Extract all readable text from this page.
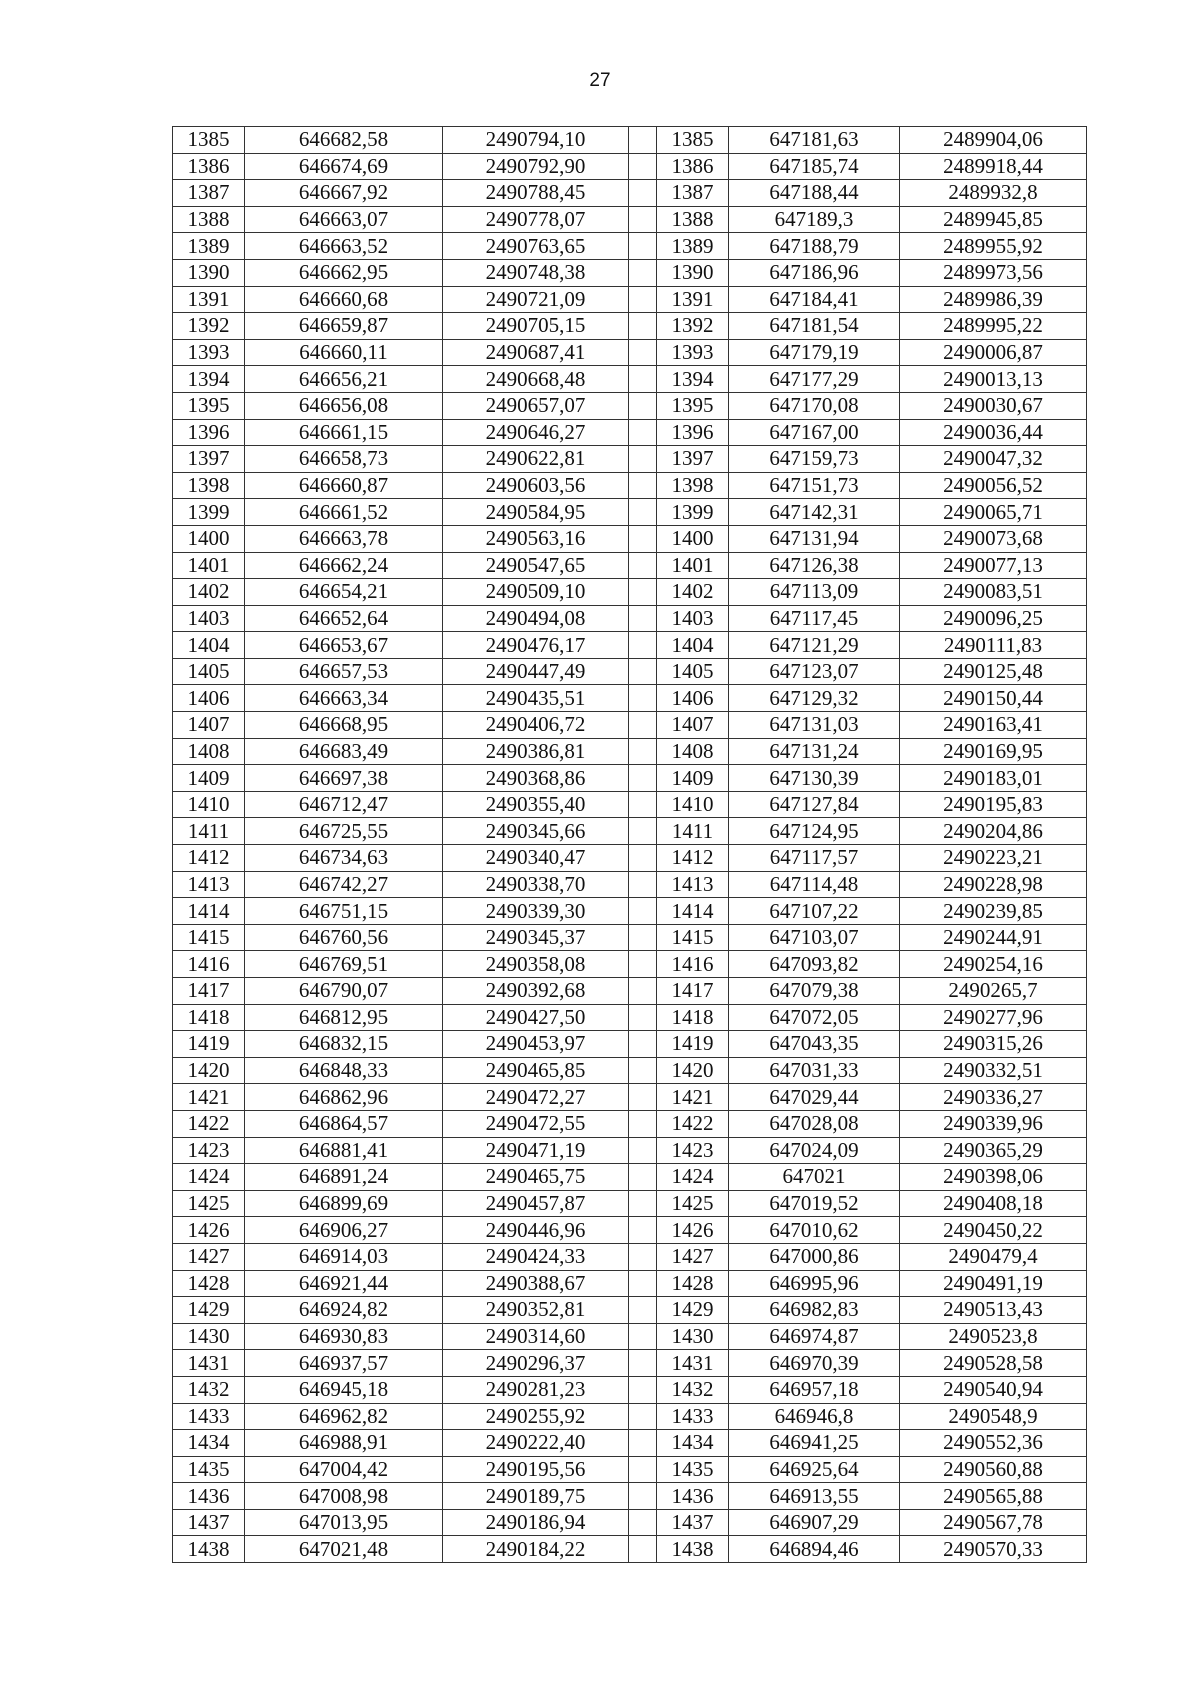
27
1385	646682,58	2490794,10		1385	647181,63	2489904,06
1386	646674,69	2490792,90		1386	647185,74	2489918,44
1387	646667,92	2490788,45		1387	647188,44	2489932,8
1388	646663,07	2490778,07		1388	647189,3	2489945,85
1389	646663,52	2490763,65		1389	647188,79	2489955,92
1390	646662,95	2490748,38		1390	647186,96	2489973,56
1391	646660,68	2490721,09		1391	647184,41	2489986,39
1392	646659,87	2490705,15		1392	647181,54	2489995,22
1393	646660,11	2490687,41		1393	647179,19	2490006,87
1394	646656,21	2490668,48		1394	647177,29	2490013,13
1395	646656,08	2490657,07		1395	647170,08	2490030,67
1396	646661,15	2490646,27		1396	647167,00	2490036,44
1397	646658,73	2490622,81		1397	647159,73	2490047,32
1398	646660,87	2490603,56		1398	647151,73	2490056,52
1399	646661,52	2490584,95		1399	647142,31	2490065,71
1400	646663,78	2490563,16		1400	647131,94	2490073,68
1401	646662,24	2490547,65		1401	647126,38	2490077,13
1402	646654,21	2490509,10		1402	647113,09	2490083,51
1403	646652,64	2490494,08		1403	647117,45	2490096,25
1404	646653,67	2490476,17		1404	647121,29	2490111,83
1405	646657,53	2490447,49		1405	647123,07	2490125,48
1406	646663,34	2490435,51		1406	647129,32	2490150,44
1407	646668,95	2490406,72		1407	647131,03	2490163,41
1408	646683,49	2490386,81		1408	647131,24	2490169,95
1409	646697,38	2490368,86		1409	647130,39	2490183,01
1410	646712,47	2490355,40		1410	647127,84	2490195,83
1411	646725,55	2490345,66		1411	647124,95	2490204,86
1412	646734,63	2490340,47		1412	647117,57	2490223,21
1413	646742,27	2490338,70		1413	647114,48	2490228,98
1414	646751,15	2490339,30		1414	647107,22	2490239,85
1415	646760,56	2490345,37		1415	647103,07	2490244,91
1416	646769,51	2490358,08		1416	647093,82	2490254,16
1417	646790,07	2490392,68		1417	647079,38	2490265,7
1418	646812,95	2490427,50		1418	647072,05	2490277,96
1419	646832,15	2490453,97		1419	647043,35	2490315,26
1420	646848,33	2490465,85		1420	647031,33	2490332,51
1421	646862,96	2490472,27		1421	647029,44	2490336,27
1422	646864,57	2490472,55		1422	647028,08	2490339,96
1423	646881,41	2490471,19		1423	647024,09	2490365,29
1424	646891,24	2490465,75		1424	647021	2490398,06
1425	646899,69	2490457,87		1425	647019,52	2490408,18
1426	646906,27	2490446,96		1426	647010,62	2490450,22
1427	646914,03	2490424,33		1427	647000,86	2490479,4
1428	646921,44	2490388,67		1428	646995,96	2490491,19
1429	646924,82	2490352,81		1429	646982,83	2490513,43
1430	646930,83	2490314,60		1430	646974,87	2490523,8
1431	646937,57	2490296,37		1431	646970,39	2490528,58
1432	646945,18	2490281,23		1432	646957,18	2490540,94
1433	646962,82	2490255,92		1433	646946,8	2490548,9
1434	646988,91	2490222,40		1434	646941,25	2490552,36
1435	647004,42	2490195,56		1435	646925,64	2490560,88
1436	647008,98	2490189,75		1436	646913,55	2490565,88
1437	647013,95	2490186,94		1437	646907,29	2490567,78
1438	647021,48	2490184,22		1438	646894,46	2490570,33
